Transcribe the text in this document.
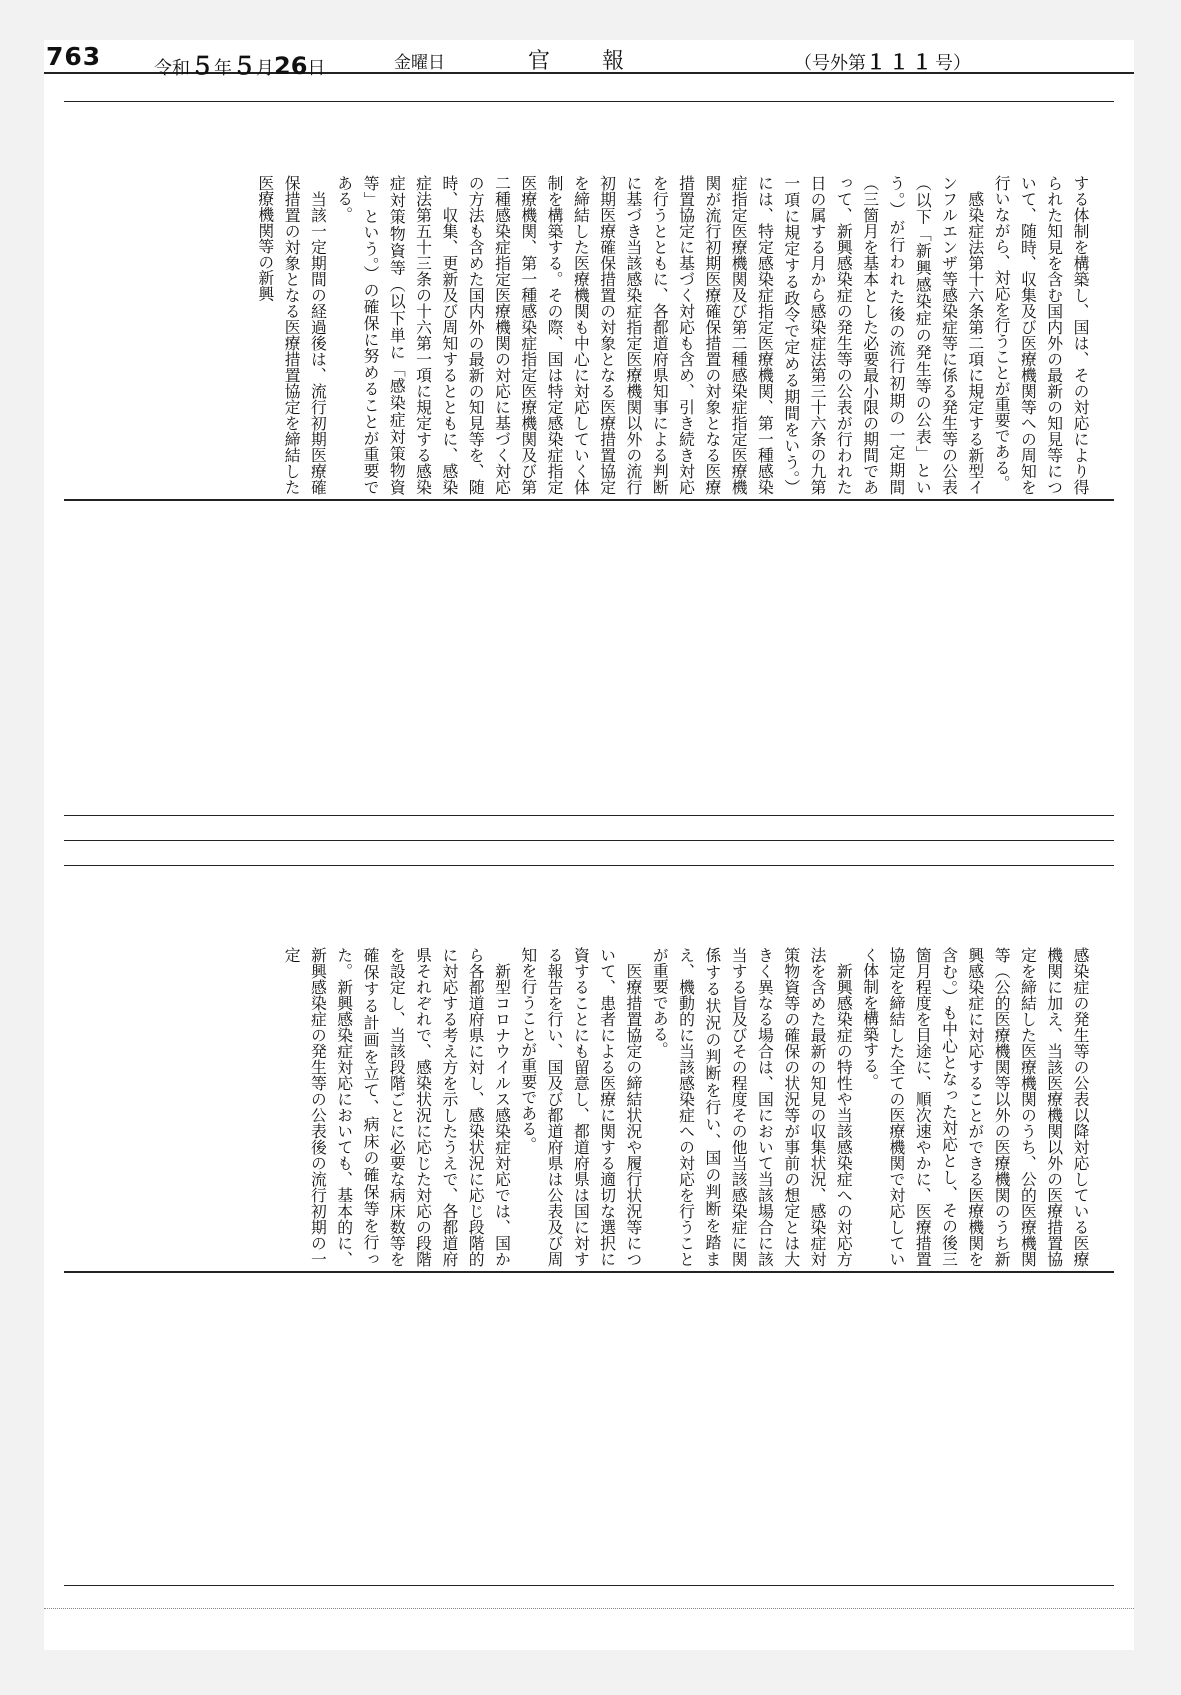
763	令和５年５月26日	金曜日	官報	（号外第１１１号）

する体制を構築し、国は、その対応により得られた知見を含む国内外の最新の知見等について、随時、収集及び医療機関等への周知を行いながら、対応を行うことが重要である。

　感染症法第十六条第二項に規定する新型インフルエンザ等感染症等に係る発生等の公表（以下「新興感染症の発生等の公表」という。）が行われた後の流行初期の一定期間（三箇月を基本とした必要最小限の期間であって、新興感染症の発生等の公表が行われた日の属する月から感染症法第三十六条の九第一項に規定する政令で定める期間をいう。）には、特定感染症指定医療機関、第一種感染症指定医療機関及び第二種感染症指定医療機関が流行初期医療確保措置の対象となる医療措置協定に基づく対応も含め、引き続き対応を行うとともに、各都道府県知事による判断に基づき当該感染症指定医療機関以外の流行初期医療確保措置の対象となる医療措置協定を締結した医療機関も中心に対応していく体制を構築する。その際、国は特定感染症指定医療機関、第一種感染症指定医療機関及び第二種感染症指定医療機関の対応に基づく対応の方法も含めた国内外の最新の知見等を、随時、収集、更新及び周知するとともに、感染症法第五十三条の十六第一項に規定する感染症対策物資等（以下単に「感染症対策物資等」という。）の確保に努めることが重要である。

　当該一定期間の経過後は、流行初期医療確保措置の対象となる医療措置協定を締結した医療機関等の新興

感染症の発生等の公表以降対応している医療機関に加え、当該医療機関以外の医療措置協定を締結した医療機関のうち、公的医療機関等（公的医療機関等以外の医療機関のうち新興感染症に対応することができる医療機関を含む。）も中心となった対応とし、その後三箇月程度を目途に、順次速やかに、医療措置協定を締結した全ての医療機関で対応していく体制を構築する。

　新興感染症の特性や当該感染症への対応方法を含めた最新の知見の収集状況、感染症対策物資等の確保の状況等が事前の想定とは大きく異なる場合は、国において当該場合に該当する旨及びその程度その他当該感染症に関係する状況の判断を行い、国の判断を踏まえ、機動的に当該感染症への対応を行うことが重要である。

　医療措置協定の締結状況や履行状況等について、患者による医療に関する適切な選択に資することにも留意し、都道府県は国に対する報告を行い、国及び都道府県は公表及び周知を行うことが重要である。

　新型コロナウイルス感染症対応では、国から各都道府県に対し、感染状況に応じ段階的に対応する考え方を示したうえで、各都道府県それぞれで、感染状況に応じた対応の段階を設定し、当該段階ごとに必要な病床数等を確保する計画を立て、病床の確保等を行った。新興感染症対応においても、基本的に、新興感染症の発生等の公表後の流行初期の一定
